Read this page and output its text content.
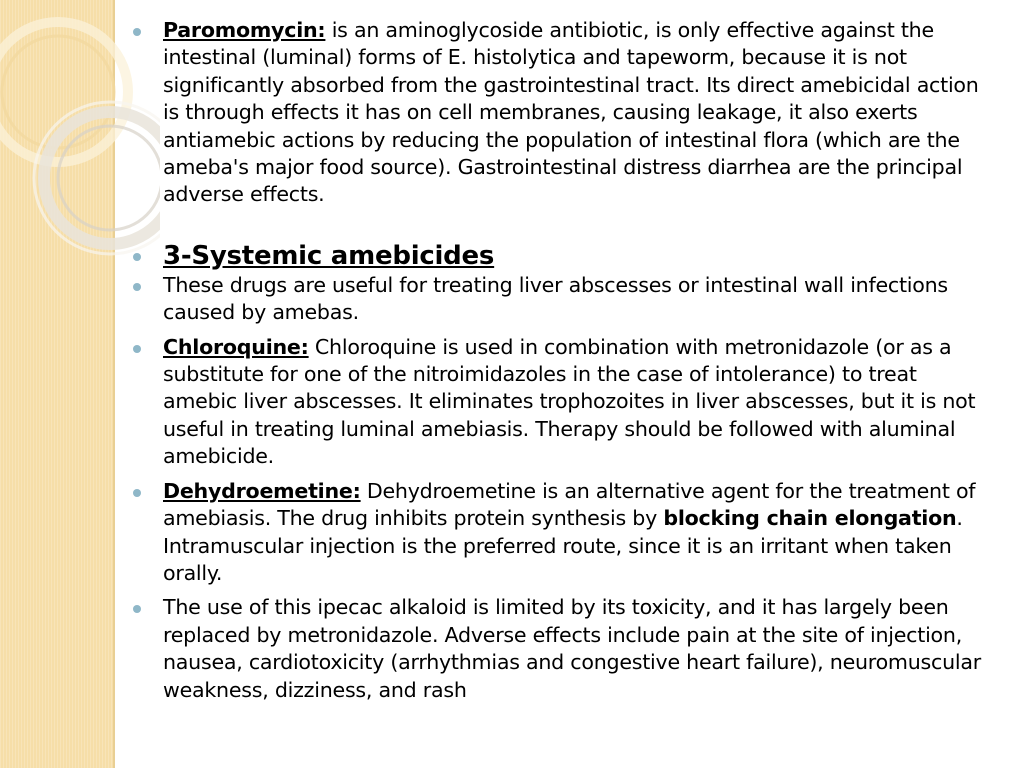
Paromomycin: is an aminoglycoside antibiotic, is only effective against the intestinal (luminal) forms of E. histolytica and tapeworm, because it is not significantly absorbed from the gastrointestinal tract. Its direct amebicidal action is through effects it has on cell membranes, causing leakage, it also exerts antiamebic actions by reducing the population of intestinal flora (which are the ameba's major food source). Gastrointestinal distress diarrhea are the principal adverse effects.
3-Systemic amebicides
These drugs are useful for treating liver abscesses or intestinal wall infections caused by amebas.
Chloroquine: Chloroquine is used in combination with metronidazole (or as a substitute for one of the nitroimidazoles in the case of intolerance) to treat amebic liver abscesses. It eliminates trophozoites in liver abscesses, but it is not useful in treating luminal amebiasis. Therapy should be followed with aluminal amebicide.
Dehydroemetine: Dehydroemetine is an alternative agent for the treatment of amebiasis. The drug inhibits protein synthesis by blocking chain elongation. Intramuscular injection is the preferred route, since it is an irritant when taken orally.
The use of this ipecac alkaloid is limited by its toxicity, and it has largely been replaced by metronidazole. Adverse effects include pain at the site of injection, nausea, cardiotoxicity (arrhythmias and congestive heart failure), neuromuscular weakness, dizziness, and rash
